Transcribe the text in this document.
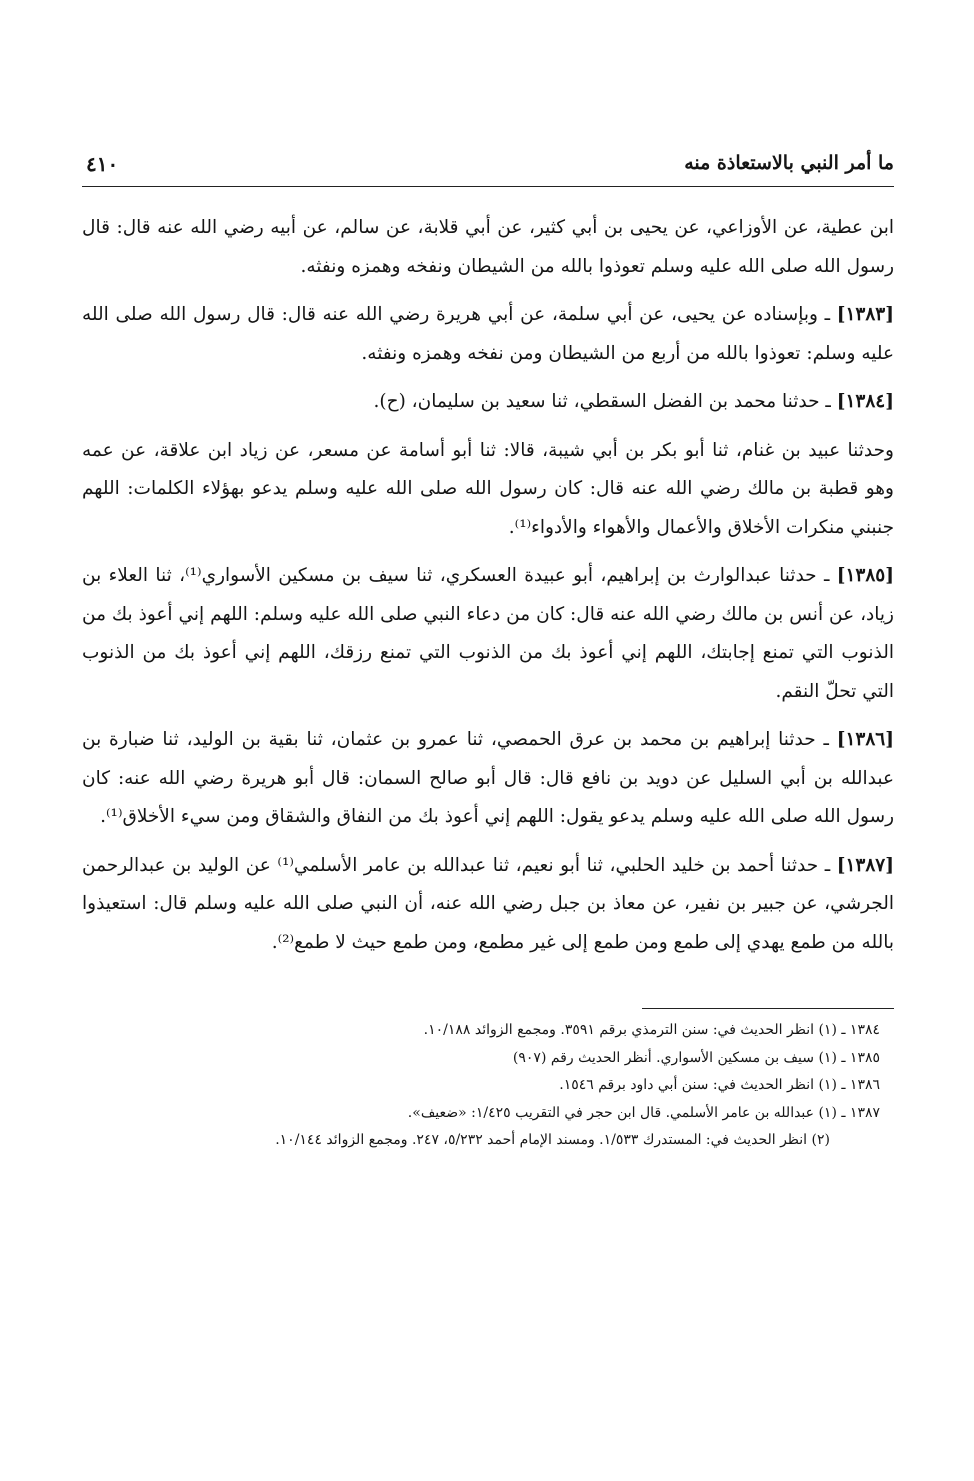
ما أمر النبي بالاستعاذة منه
٤١٠

ابن عطية، عن الأوزاعي، عن يحيى بن أبي كثير، عن أبي قلابة، عن سالم، عن أبيه رضي الله عنه قال: قال رسول الله صلى الله عليه وسلم تعوذوا بالله من الشيطان ونفخه وهمزه ونفثه.

[١٣٨٣] ـ وبإسناده عن يحيى، عن أبي سلمة، عن أبي هريرة رضي الله عنه قال: قال رسول الله صلى الله عليه وسلم: تعوذوا بالله من أربع من الشيطان ومن نفخه وهمزه ونفثه.

[١٣٨٤] ـ حدثنا محمد بن الفضل السقطي، ثنا سعيد بن سليمان، (ح).

وحدثنا عبيد بن غنام، ثنا أبو بكر بن أبي شيبة، قالا: ثنا أبو أسامة عن مسعر، عن زياد ابن علاقة، عن عمه وهو قطبة بن مالك رضي الله عنه قال: كان رسول الله صلى الله عليه وسلم يدعو بهؤلاء الكلمات: اللهم جنبني منكرات الأخلاق والأعمال والأهواء والأدواء⁽¹⁾.

[١٣٨٥] ـ حدثنا عبدالوارث بن إبراهيم، أبو عبيدة العسكري، ثنا سيف بن مسكين الأسواري⁽¹⁾، ثنا العلاء بن زياد، عن أنس بن مالك رضي الله عنه قال: كان من دعاء النبي صلى الله عليه وسلم: اللهم إني أعوذ بك من الذنوب التي تمنع إجابتك، اللهم إني أعوذ بك من الذنوب التي تمنع رزقك، اللهم إني أعوذ بك من الذنوب التي تحلّ النقم.

[١٣٨٦] ـ حدثنا إبراهيم بن محمد بن عرق الحمصي، ثنا عمرو بن عثمان، ثنا بقية بن الوليد، ثنا ضبارة بن عبدالله بن أبي السليل عن دويد بن نافع قال: قال أبو صالح السمان: قال أبو هريرة رضي الله عنه: كان رسول الله صلى الله عليه وسلم يدعو يقول: اللهم إني أعوذ بك من النفاق والشقاق ومن سيء الأخلاق⁽¹⁾.

[١٣٨٧] ـ حدثنا أحمد بن خليد الحلبي، ثنا أبو نعيم، ثنا عبدالله بن عامر الأسلمي⁽¹⁾ عن الوليد بن عبدالرحمن الجرشي، عن جبير بن نفير، عن معاذ بن جبل رضي الله عنه، أن النبي صلى الله عليه وسلم قال: استعيذوا بالله من طمع يهدي إلى طمع ومن طمع إلى غير مطمع، ومن طمع حيث لا طمع⁽²⁾.

١٣٨٤ ـ (١) انظر الحديث في: سنن الترمذي برقم ٣٥٩١. ومجمع الزوائد ١٠/١٨٨.

١٣٨٥ ـ (١) سيف بن مسكين الأسواري. أنظر الحديث رقم (٩٠٧)

١٣٨٦ ـ (١) انظر الحديث في: سنن أبي داود برقم ١٥٤٦.

١٣٨٧ ـ (١) عبدالله بن عامر الأسلمي. قال ابن حجر في التقريب ١/٤٢٥: «ضعيف».

(٢) انظر الحديث في: المستدرك ١/٥٣٣. ومسند الإمام أحمد ٥/٢٣٢، ٢٤٧. ومجمع الزوائد ١٠/١٤٤.
